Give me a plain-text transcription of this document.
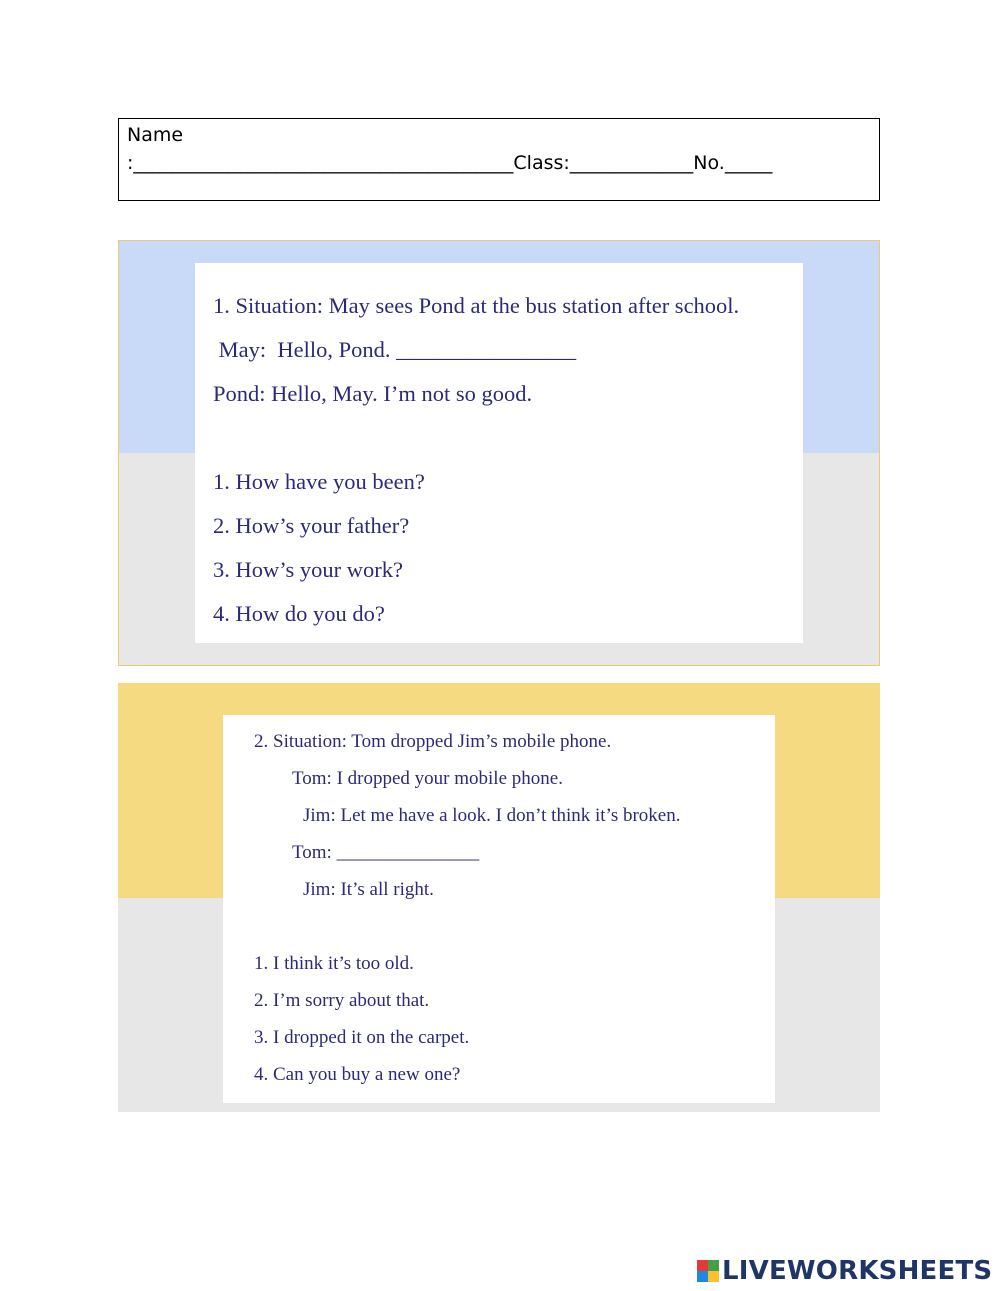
Name
:________________________________________Class:_____________No._____
1. Situation: May sees Pond at the bus station after school.
May:  Hello, Pond. ________________
Pond: Hello, May. I’m not so good.
1. How have you been?
2. How’s your father?
3. How’s your work?
4. How do you do?
2. Situation: Tom dropped Jim’s mobile phone.
Tom: I dropped your mobile phone.
Jim: Let me have a look. I don’t think it’s broken.
Tom: _______________
Jim: It’s all right.
1. I think it’s too old.
2. I’m sorry about that.
3. I dropped it on the carpet.
4. Can you buy a new one?
LIVEWORKSHEETS
